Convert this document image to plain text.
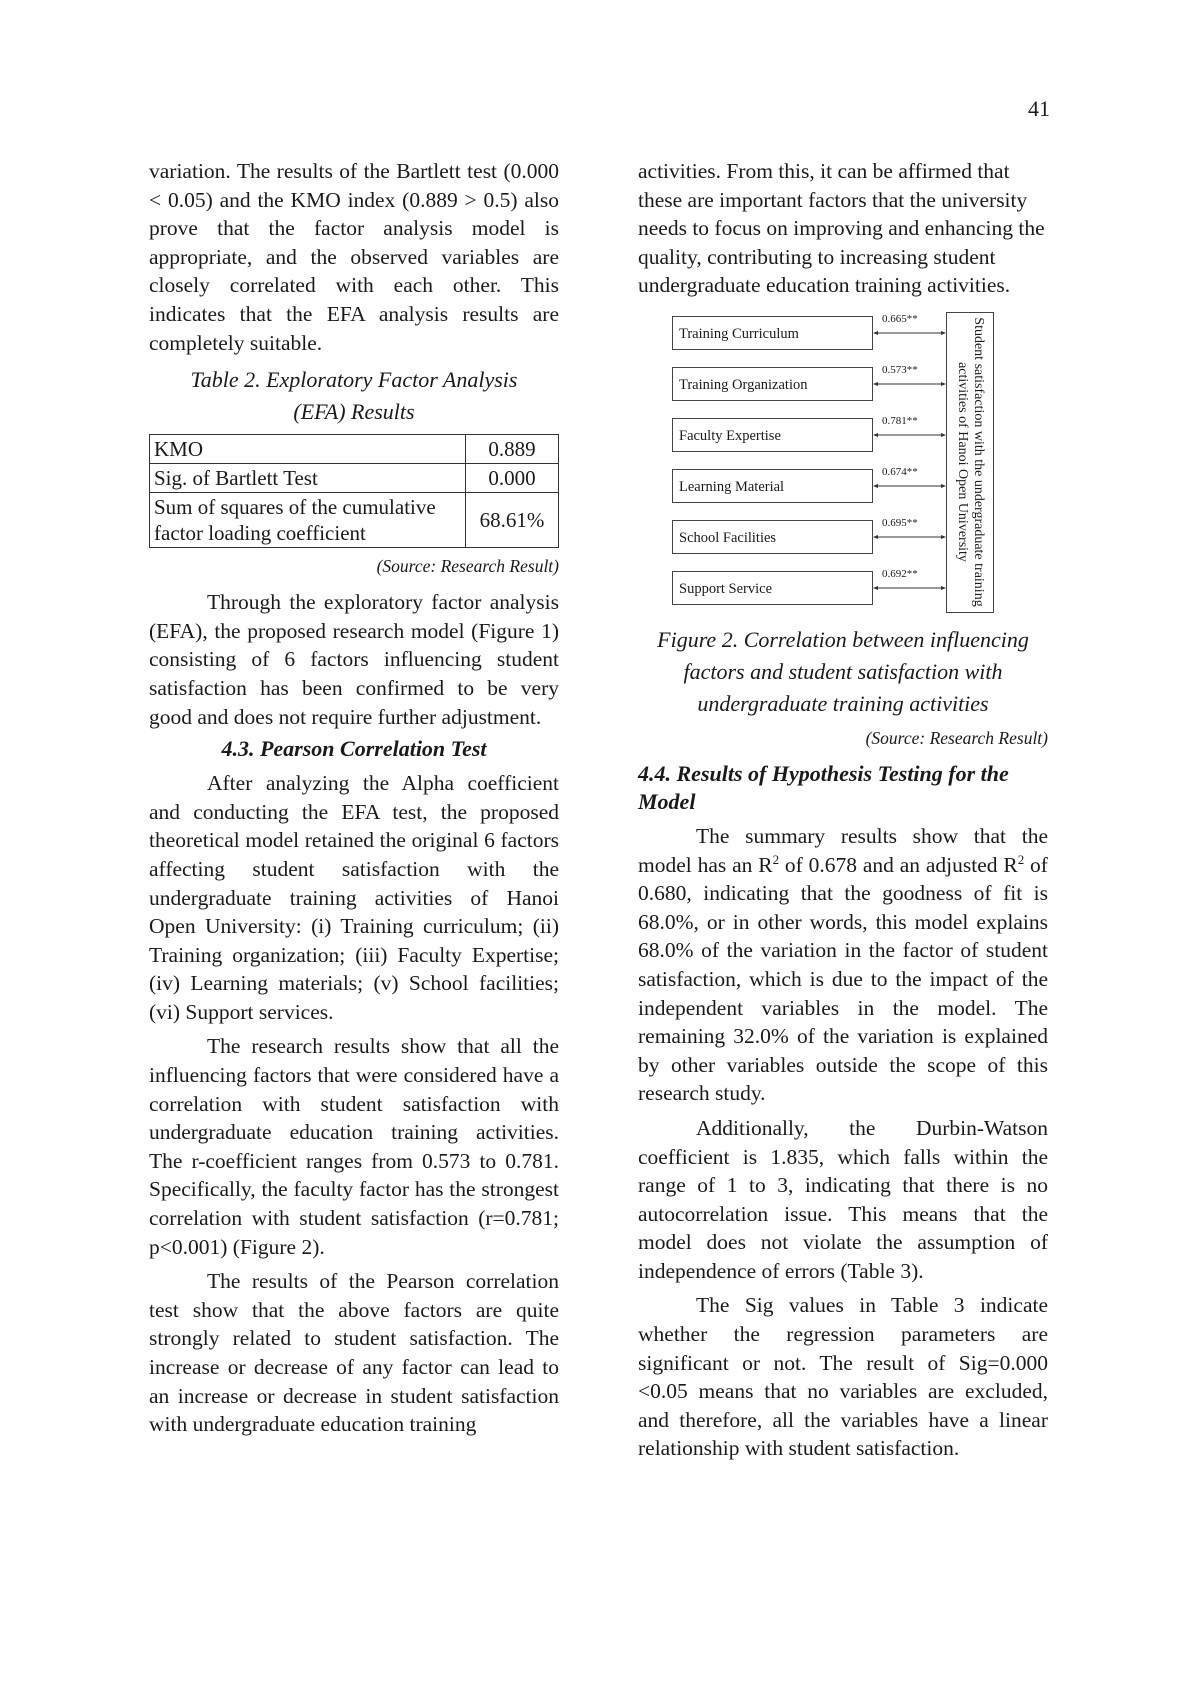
41

variation. The results of the Bartlett test (0.000 < 0.05) and the KMO index (0.889 > 0.5) also prove that the factor analysis model is appropriate, and the observed variables are closely correlated with each other. This indicates that the EFA analysis results are completely suitable.

Table 2. Exploratory Factor Analysis
(EFA) Results
KMO	0.889
Sig. of Bartlett Test	0.000
Sum of squares of the cumulative factor loading coefficient	68.61%
(Source: Research Result)

Through the exploratory factor analysis (EFA), the proposed research model (Figure 1) consisting of 6 factors influencing student satisfaction has been confirmed to be very good and does not require further adjustment.

4.3. Pearson Correlation Test

After analyzing the Alpha coefficient and conducting the EFA test, the proposed theoretical model retained the original 6 factors affecting student satisfaction with the undergraduate training activities of Hanoi Open University: (i) Training curriculum; (ii) Training organization; (iii) Faculty Expertise; (iv) Learning materials; (v) School facilities; (vi) Support services.

The research results show that all the influencing factors that were considered have a correlation with student satisfaction with undergraduate education training activities. The r-coefficient ranges from 0.573 to 0.781. Specifically, the faculty factor has the strongest correlation with student satisfaction (r=0.781; p<0.001) (Figure 2).

The results of the Pearson correlation test show that the above factors are quite strongly related to student satisfaction. The increase or decrease of any factor can lead to an increase or decrease in student satisfaction with undergraduate education training

activities. From this, it can be affirmed that these are important factors that the university needs to focus on improving and enhancing the quality, contributing to increasing student

undergraduate education training activities.

Student satisfaction with the undergraduate training activities of Hanoi Open University
Training Curriculum
0.665**
Training Organization
0.573**
Faculty Expertise
0.781**
Learning Material
0.674**
School Facilities
0.695**
Support Service
0.692**
Figure 2. Correlation between influencing
factors and student satisfaction with
undergraduate training activities
(Source: Research Result)
4.4. Results of Hypothesis Testing for the Model

The summary results show that the model has an $R^2$ of 0.678 and an adjusted $R^2$ of 0.680, indicating that the goodness of fit is 68.0%, or in other words, this model explains 68.0% of the variation in the factor of student satisfaction, which is due to the impact of the independent variables in the model. The remaining 32.0% of the variation is explained by other variables outside the scope of this research study.

Additionally, the Durbin-Watson coefficient is 1.835, which falls within the range of 1 to 3, indicating that there is no autocorrelation issue. This means that the model does not violate the assumption of independence of errors (Table 3).

The Sig values in Table 3 indicate whether the regression parameters are significant or not. The result of Sig=0.000 <0.05 means that no variables are excluded, and therefore, all the variables have a linear relationship with student satisfaction.
